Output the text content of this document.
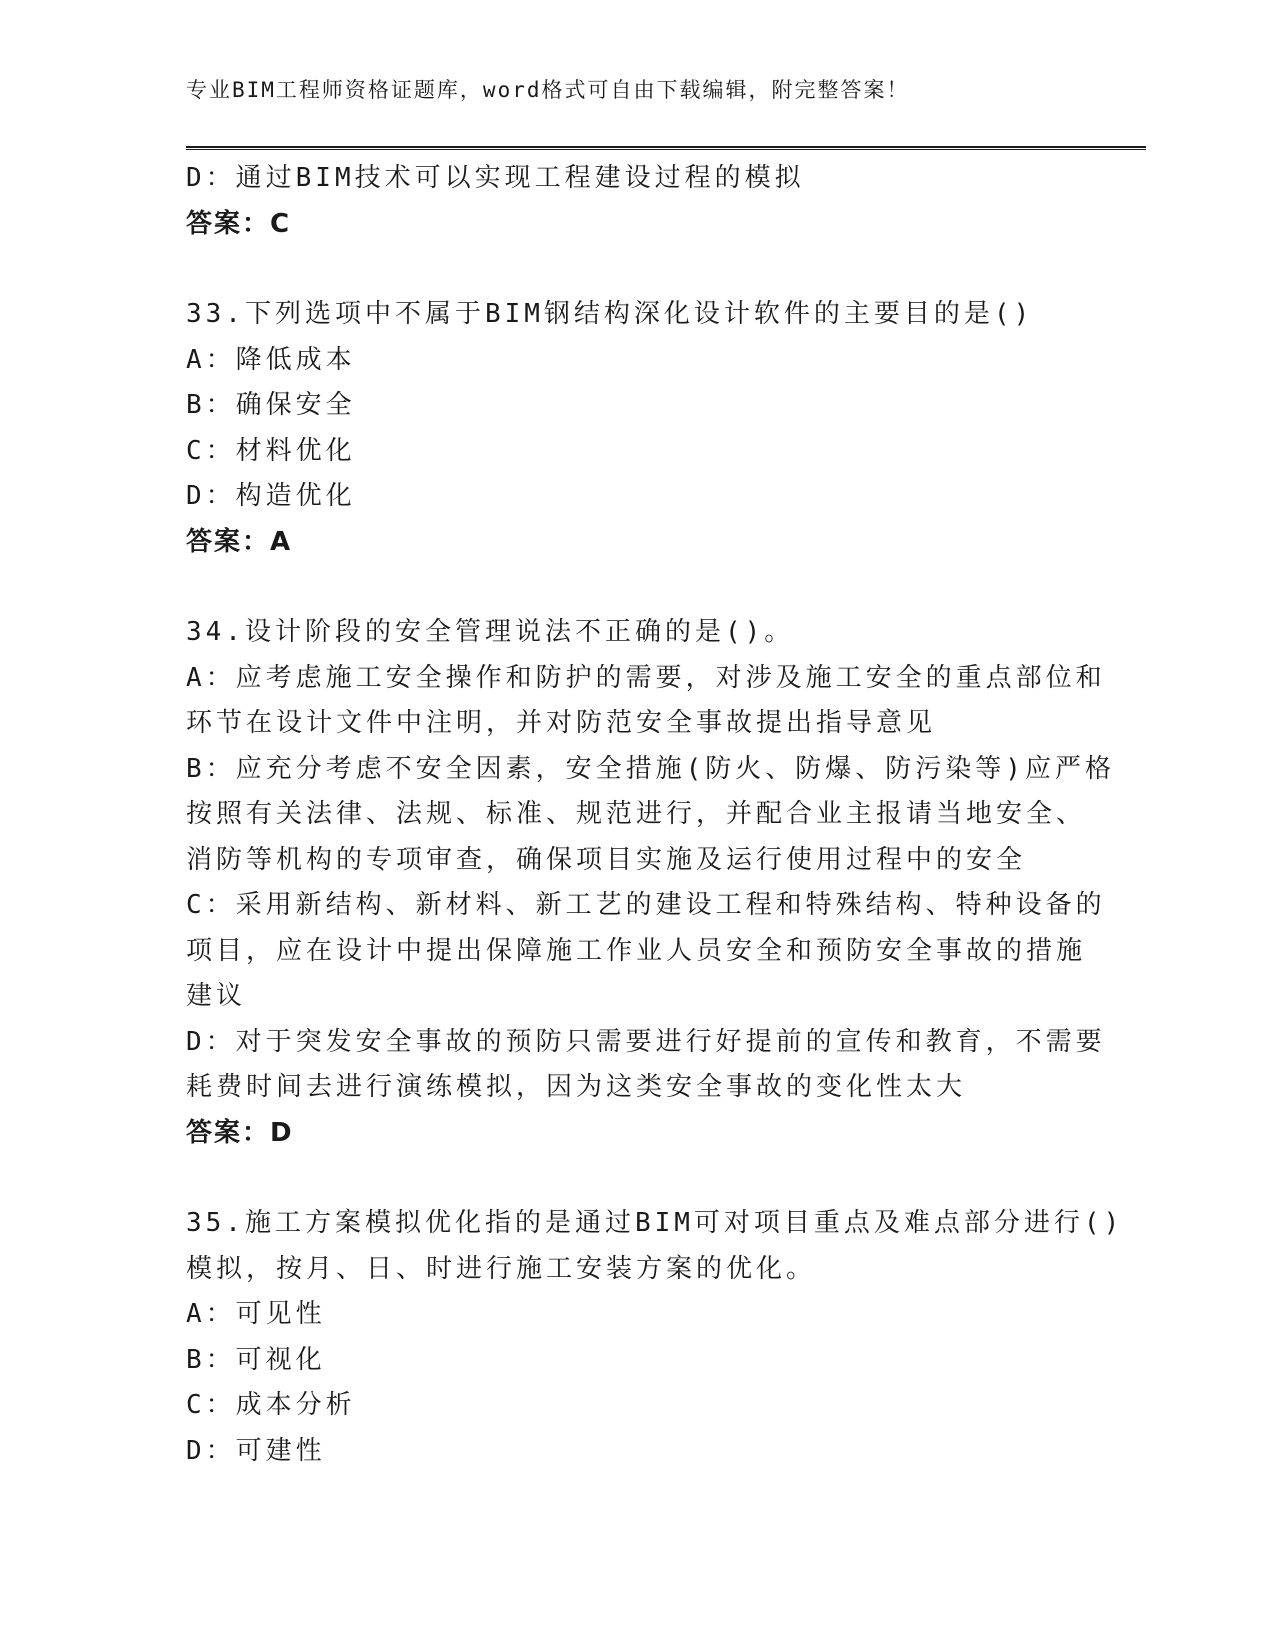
专业BIM工程师资格证题库，word格式可自由下载编辑，附完整答案！
D：通过BIM技术可以实现工程建设过程的模拟
答案：C
33.下列选项中不属于BIM钢结构深化设计软件的主要目的是()
A：降低成本
B：确保安全
C：材料优化
D：构造优化
答案：A
34.设计阶段的安全管理说法不正确的是()。
A：应考虑施工安全操作和防护的需要，对涉及施工安全的重点部位和
环节在设计文件中注明，并对防范安全事故提出指导意见
B：应充分考虑不安全因素，安全措施(防火、防爆、防污染等)应严格
按照有关法律、法规、标准、规范进行，并配合业主报请当地安全、
消防等机构的专项审查，确保项目实施及运行使用过程中的安全
C：采用新结构、新材料、新工艺的建设工程和特殊结构、特种设备的
项目，应在设计中提出保障施工作业人员安全和预防安全事故的措施
建议
D：对于突发安全事故的预防只需要进行好提前的宣传和教育，不需要
耗费时间去进行演练模拟，因为这类安全事故的变化性太大
答案：D
35.施工方案模拟优化指的是通过BIM可对项目重点及难点部分进行()
模拟，按月、日、时进行施工安装方案的优化。
A：可见性
B：可视化
C：成本分析
D：可建性
